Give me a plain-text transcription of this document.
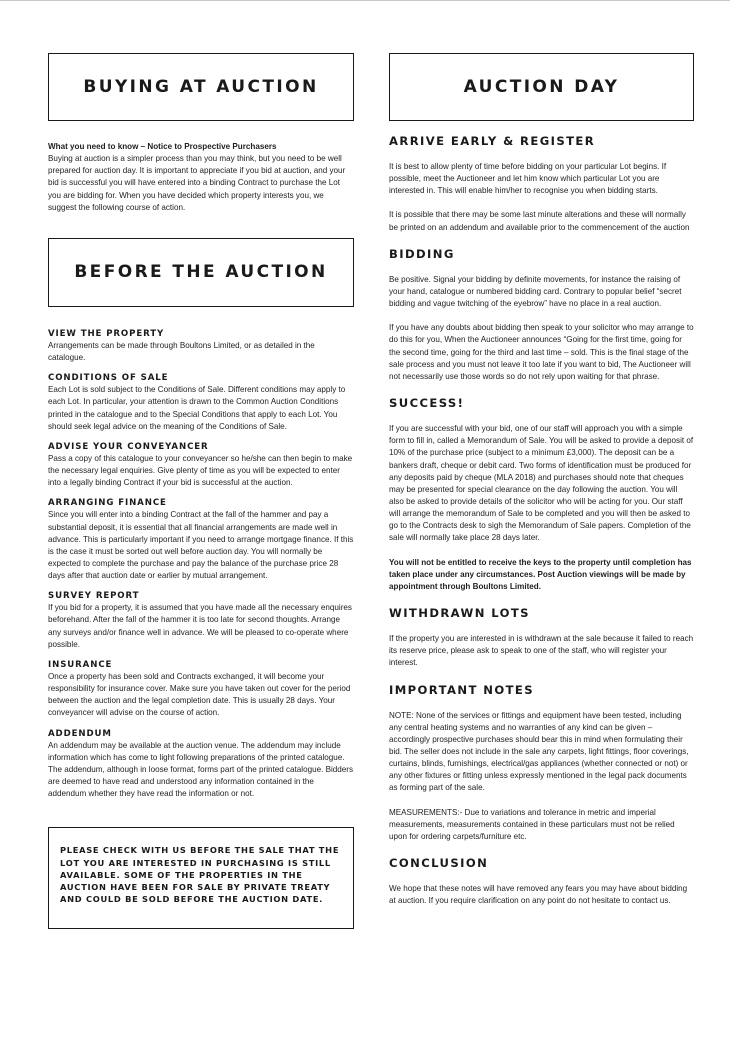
BUYING AT AUCTION

What you need to know – Notice to Prospective Purchasers

Buying at auction is a simpler process than you may think, but you need to be well prepared for auction day. It is important to appreciate if you bid at auction, and your bid is successful you will have entered into a binding Contract to purchase the Lot you are bidding for. When you have decided which property interests you, we suggest the following course of action.

BEFORE THE AUCTION
VIEW THE PROPERTY

Arrangements can be made through Boultons Limited, or as detailed in the catalogue.

CONDITIONS OF SALE

Each Lot is sold subject to the Conditions of Sale. Different conditions may apply to each Lot. In particular, your attention is drawn to the Common Auction Conditions printed in the catalogue and to the Special Conditions that apply to each Lot. You should seek legal advice on the meaning of the Conditions of Sale.

ADVISE YOUR CONVEYANCER

Pass a copy of this catalogue to your conveyancer so he/she can then begin to make the necessary legal enquiries. Give plenty of time as you will be expected to enter into a legally binding Contract if your bid is successful at the auction.

ARRANGING FINANCE

Since you will enter into a binding Contract at the fall of the hammer and pay a substantial deposit, it is essential that all financial arrangements are made well in advance. This is particularly important if you need to arrange mortgage finance. If this is the case it must be sorted out well before auction day. You will normally be expected to complete the purchase and pay the balance of the purchase price 28 days after that auction date or earlier by mutual arrangement.

SURVEY REPORT

If you bid for a property, it is assumed that you have made all the necessary enquires beforehand. After the fall of the hammer it is too late for second thoughts. Arrange any surveys and/or finance well in advance. We will be pleased to co-operate where possible.

INSURANCE

Once a property has been sold and Contracts exchanged, it will become your responsibility for insurance cover. Make sure you have taken out cover for the period between the auction and the legal completion date. This is usually 28 days. Your conveyancer will advise on the course of action.

ADDENDUM

An addendum may be available at the auction venue. The addendum may include information which has come to light following preparations of the printed catalogue. The addendum, although in loose format, forms part of the printed catalogue. Bidders are deemed to have read and understood any information contained in the addendum whether they have read the information or not.

PLEASE CHECK WITH US BEFORE THE SALE THAT THE LOT YOU ARE INTERESTED IN PURCHASING IS STILL AVAILABLE. SOME OF THE PROPERTIES IN THE AUCTION HAVE BEEN FOR SALE BY PRIVATE TREATY AND COULD BE SOLD BEFORE THE AUCTION DATE.
AUCTION DAY
ARRIVE EARLY & REGISTER

It is best to allow plenty of time before bidding on your particular Lot begins. If possible, meet the Auctioneer and let him know which particular Lot you are interested in. This will enable him/her to recognise you when bidding starts.

It is possible that there may be some last minute alterations and these will normally be printed on an addendum and available prior to the commencement of the auction

BIDDING

Be positive. Signal your bidding by definite movements, for instance the raising of your hand, catalogue or numbered bidding card. Contrary to popular belief “secret bidding and vague twitching of the eyebrow” have no place in a real auction.

If you have any doubts about bidding then speak to your solicitor who may arrange to do this for you, When the Auctioneer announces “Going for the first time, going for the second time, going for the third and last time – sold. This is the final stage of the sale process and you must not leave it too late if you want to bid, The Auctioneer will not necessarily use those words so do not rely upon waiting for that phrase.

SUCCESS!

If you are successful with your bid, one of our staff will approach you with a simple form to fill in, called a Memorandum of Sale. You will be asked to provide a deposit of 10% of the purchase price (subject to a minimum £3,000). The deposit can be a bankers draft, cheque or debit card. Two forms of identification must be produced for any deposits paid by cheque (MLA 2018) and purchases should note that cheques may be presented for special clearance on the day following the auction. You will also be asked to provide details of the solicitor who will be acting for you. Our staff will arrange the memorandum of Sale to be completed and you will then be asked to go to the Contracts desk to sigh the Memorandum of Sale papers. Completion of the sale will normally take place 28 days later.

You will not be entitled to receive the keys to the property until completion has taken place under any circumstances. Post Auction viewings will be made by appointment through Boultons Limited.

WITHDRAWN LOTS

If the property you are interested in is withdrawn at the sale because it failed to reach its reserve price, please ask to speak to one of the staff, who will register your interest.

IMPORTANT NOTES

NOTE: None of the services or fittings and equipment have been tested, including any central heating systems and no warranties of any kind can be given – accordingly prospective purchases should bear this in mind when formulating their bid. The seller does not include in the sale any carpets, light fittings, floor coverings, curtains, blinds, furnishings, electrical/gas appliances (whether connected or not) or any other fixtures or fitting unless expressly mentioned in the legal pack documents as forming part of the sale.

MEASUREMENTS:- Due to variations and tolerance in metric and imperial measurements, measurements contained in these particulars must not be relied upon for ordering carpets/furniture etc.

CONCLUSION

We hope that these notes will have removed any fears you may have about bidding at auction. If you require clarification on any point do not hesitate to contact us.
